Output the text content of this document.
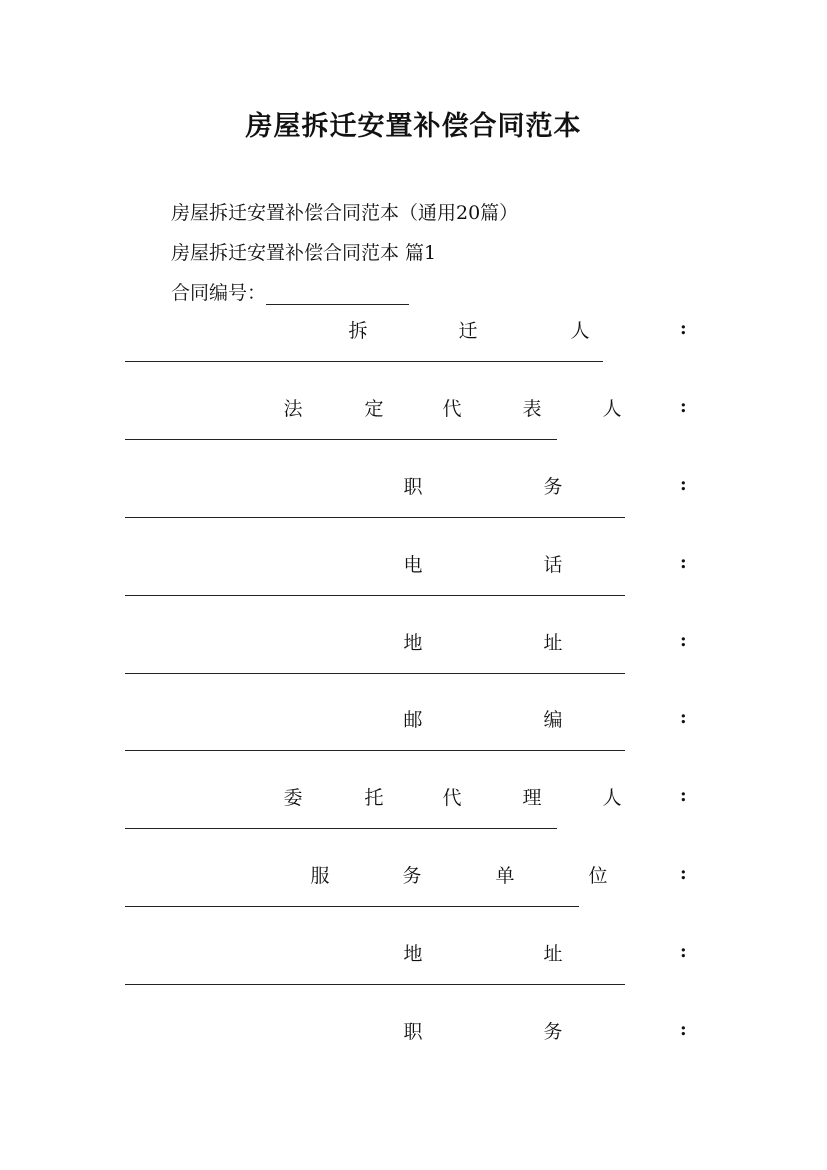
房屋拆迁安置补偿合同范本
房屋拆迁安置补偿合同范本（通用20篇）
房屋拆迁安置补偿合同范本 篇1
合同编号：
拆	迁	人	:
法	定	代	表	人	:
职	务	:
电	话	:
地	址	:
邮	编	:
委	托	代	理	人	:
服	务	单	位	:
地	址	:
职	务	:
